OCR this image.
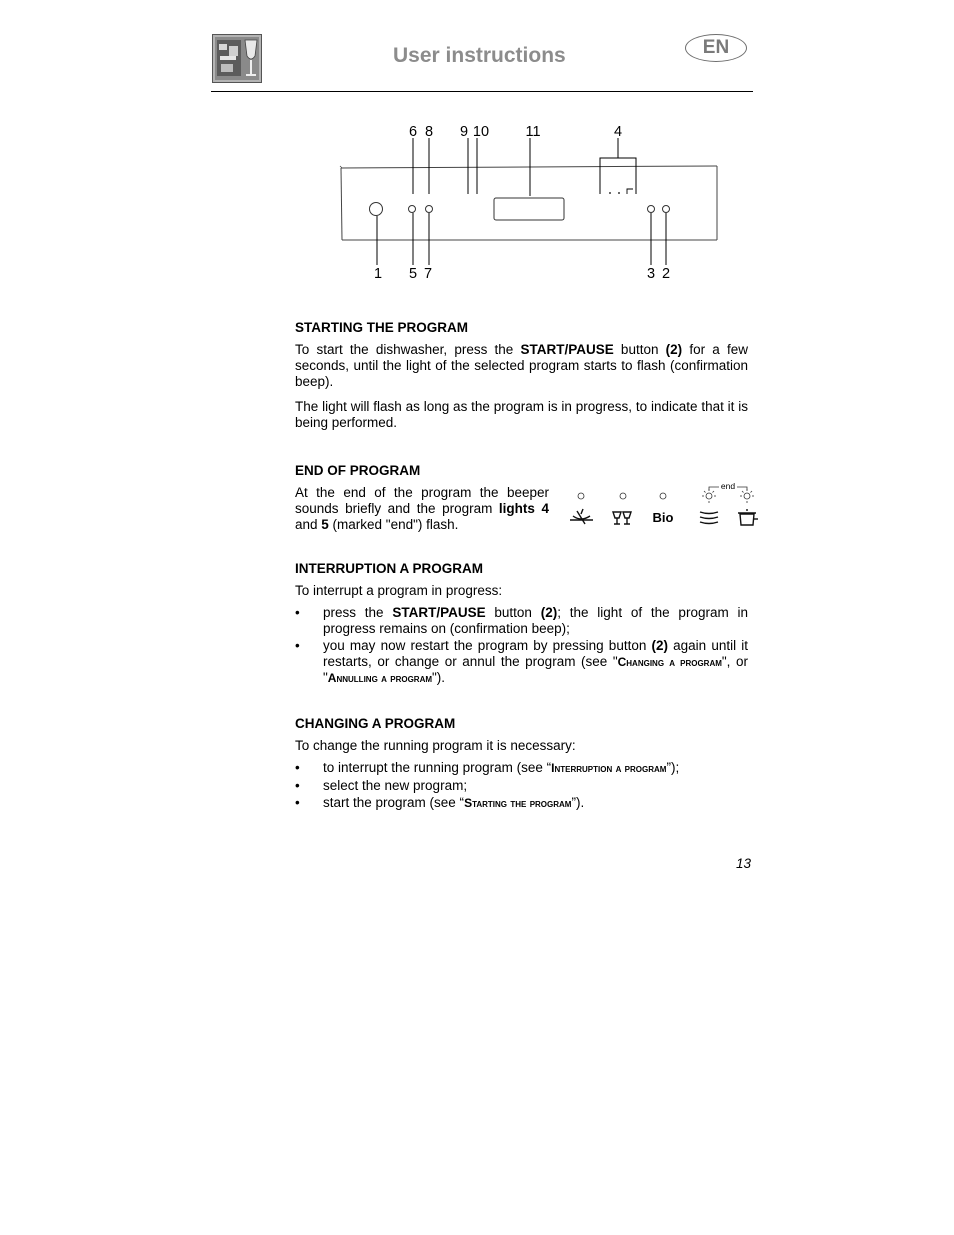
User instructions	EN
6 8 9 10	11	4
1 5 7	3 2
STARTING THE PROGRAM
To start the dishwasher, press the START/PAUSE button (2) for a few seconds, until the light of the selected program starts to flash (confirmation beep).
The light will flash as long as the program is in progress, to indicate that it is being performed.
END OF PROGRAM
At the end of the program the beeper sounds briefly and the program lights 4 and 5 (marked "end") flash.
end
Bio
INTERRUPTION A PROGRAM
To interrupt a program in progress:
• press the START/PAUSE button (2); the light of the program in progress remains on (confirmation beep);
• you may now restart the program by pressing button (2) again until it restarts, or change or annul the program (see "Changing a program", or "Annulling a program").
CHANGING A PROGRAM
To change the running program it is necessary:
• to interrupt the running program (see “Interruption a program”);
• select the new program;
• start the program (see “Starting the program”).
13
